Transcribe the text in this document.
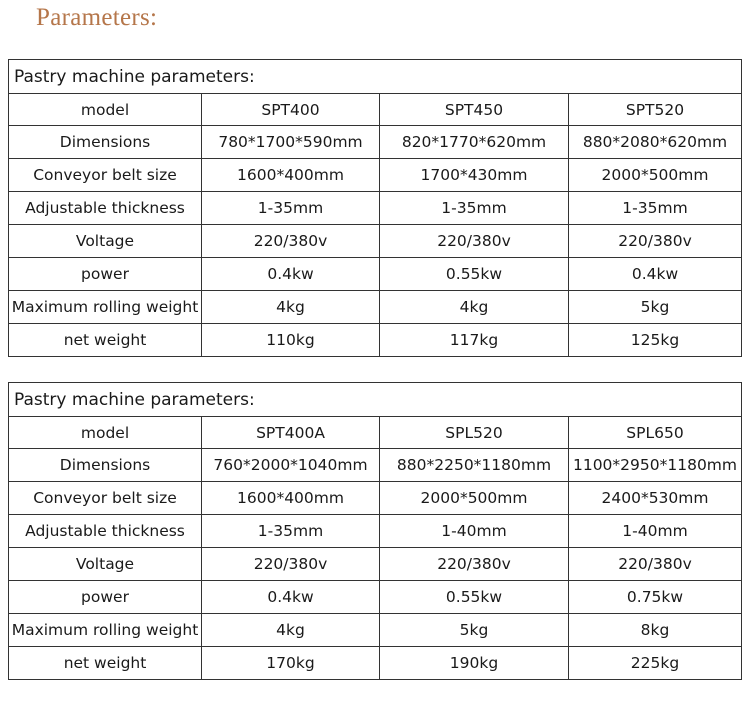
Parameters:
Pastry machine parameters:			
model	SPT400	SPT450	SPT520
Dimensions	780*1700*590mm	820*1770*620mm	880*2080*620mm
Conveyor belt size	1600*400mm	1700*430mm	2000*500mm
Adjustable thickness	1-35mm	1-35mm	1-35mm
Voltage	220/380v	220/380v	220/380v
power	0.4kw	0.55kw	0.4kw
Maximum rolling weight	4kg	4kg	5kg
net weight	110kg	117kg	125kg
Pastry machine parameters:			
model	SPT400A	SPL520	SPL650
Dimensions	760*2000*1040mm	880*2250*1180mm	1100*2950*1180mm
Conveyor belt size	1600*400mm	2000*500mm	2400*530mm
Adjustable thickness	1-35mm	1-40mm	1-40mm
Voltage	220/380v	220/380v	220/380v
power	0.4kw	0.55kw	0.75kw
Maximum rolling weight	4kg	5kg	8kg
net weight	170kg	190kg	225kg
